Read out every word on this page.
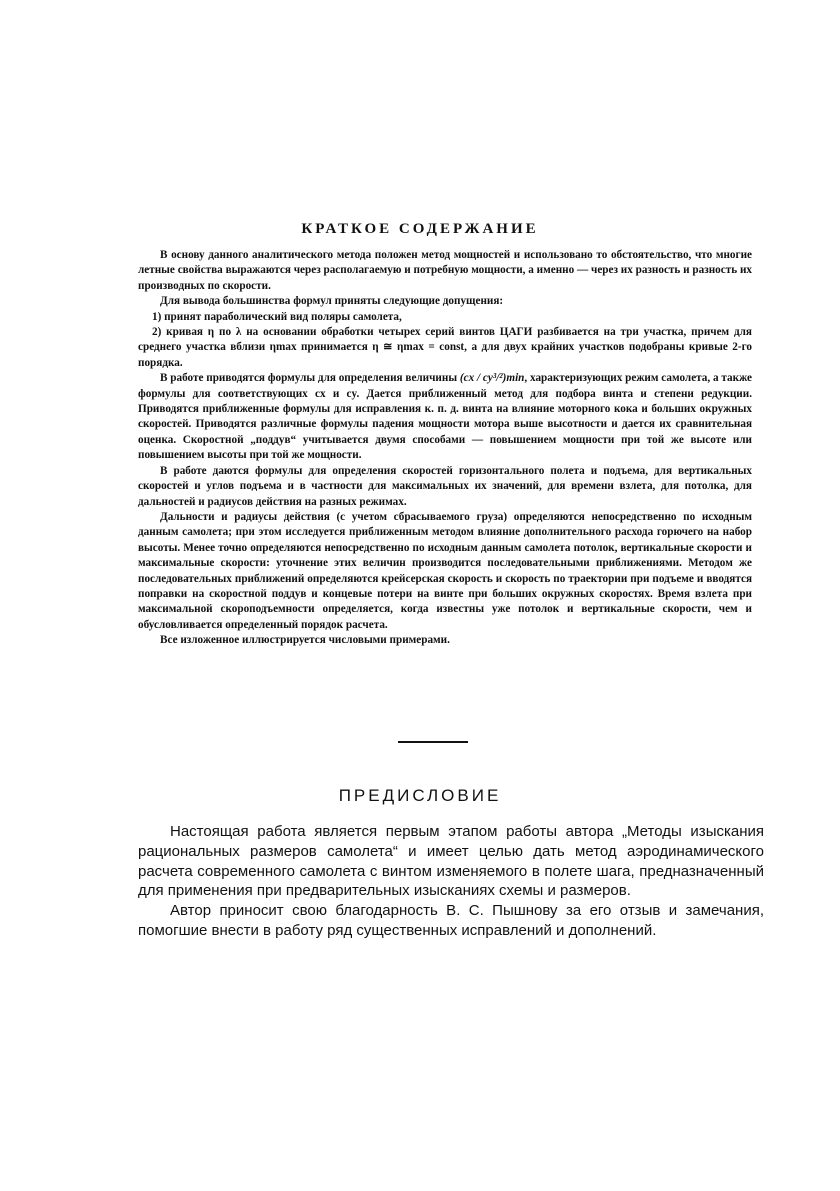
КРАТКОЕ СОДЕРЖАНИЕ

В основу данного аналитического метода положен метод мощностей и использовано то обстоятельство, что многие летные свойства выражаются через располагаемую и потребную мощности, а именно — через их разность и разность их производных по скорости.

Для вывода большинства формул приняты следующие допущения:

1) принят параболический вид поляры самолета,

2) кривая η по λ на основании обработки четырех серий винтов ЦАГИ разбивается на три участка, причем для среднего участка вблизи ηmax принимается η ≅ ηmax = const, а для двух крайних участков подобраны кривые 2-го порядка.

В работе приводятся формулы для определения величины (cx / cy³/²)min, характеризующих режим самолета, а также формулы для соответствующих cx и cy. Дается приближенный метод для подбора винта и степени редукции. Приводятся приближенные формулы для исправления к. п. д. винта на влияние моторного кока и больших окружных скоростей. Приводятся различные формулы падения мощности мотора выше высотности и дается их сравнительная оценка. Скоростной „поддув“ учитывается двумя способами — повышением мощности при той же высоте или повышением высоты при той же мощности.

В работе даются формулы для определения скоростей горизонтального полета и подъема, для вертикальных скоростей и углов подъема и в частности для максимальных их значений, для времени взлета, для потолка, для дальностей и радиусов действия на разных режимах.

Дальности и радиусы действия (с учетом сбрасываемого груза) определяются непосредственно по исходным данным самолета; при этом исследуется приближенным методом влияние дополнительного расхода горючего на набор высоты. Менее точно определяются непосредственно по исходным данным самолета потолок, вертикальные скорости и максимальные скорости: уточнение этих величин производится последовательными приближениями. Методом же последовательных приближений определяются крейсерская скорость и скорость по траектории при подъеме и вводятся поправки на скоростной поддув и концевые потери на винте при больших окружных скоростях. Время взлета при максимальной скороподъемности определяется, когда известны уже потолок и вертикальные скорости, чем и обусловливается определенный порядок расчета.

Все изложенное иллюстрируется числовыми примерами.

ПРЕДИСЛОВИЕ

Настоящая работа является первым этапом работы автора „Методы изыскания рациональных размеров самолета“ и имеет целью дать метод аэродинамического расчета современного самолета с винтом изменяемого в полете шага, предназначенный для применения при предварительных изысканиях схемы и размеров.

Автор приносит свою благодарность В. С. Пышнову за его отзыв и замечания, помогшие внести в работу ряд существенных исправлений и дополнений.
